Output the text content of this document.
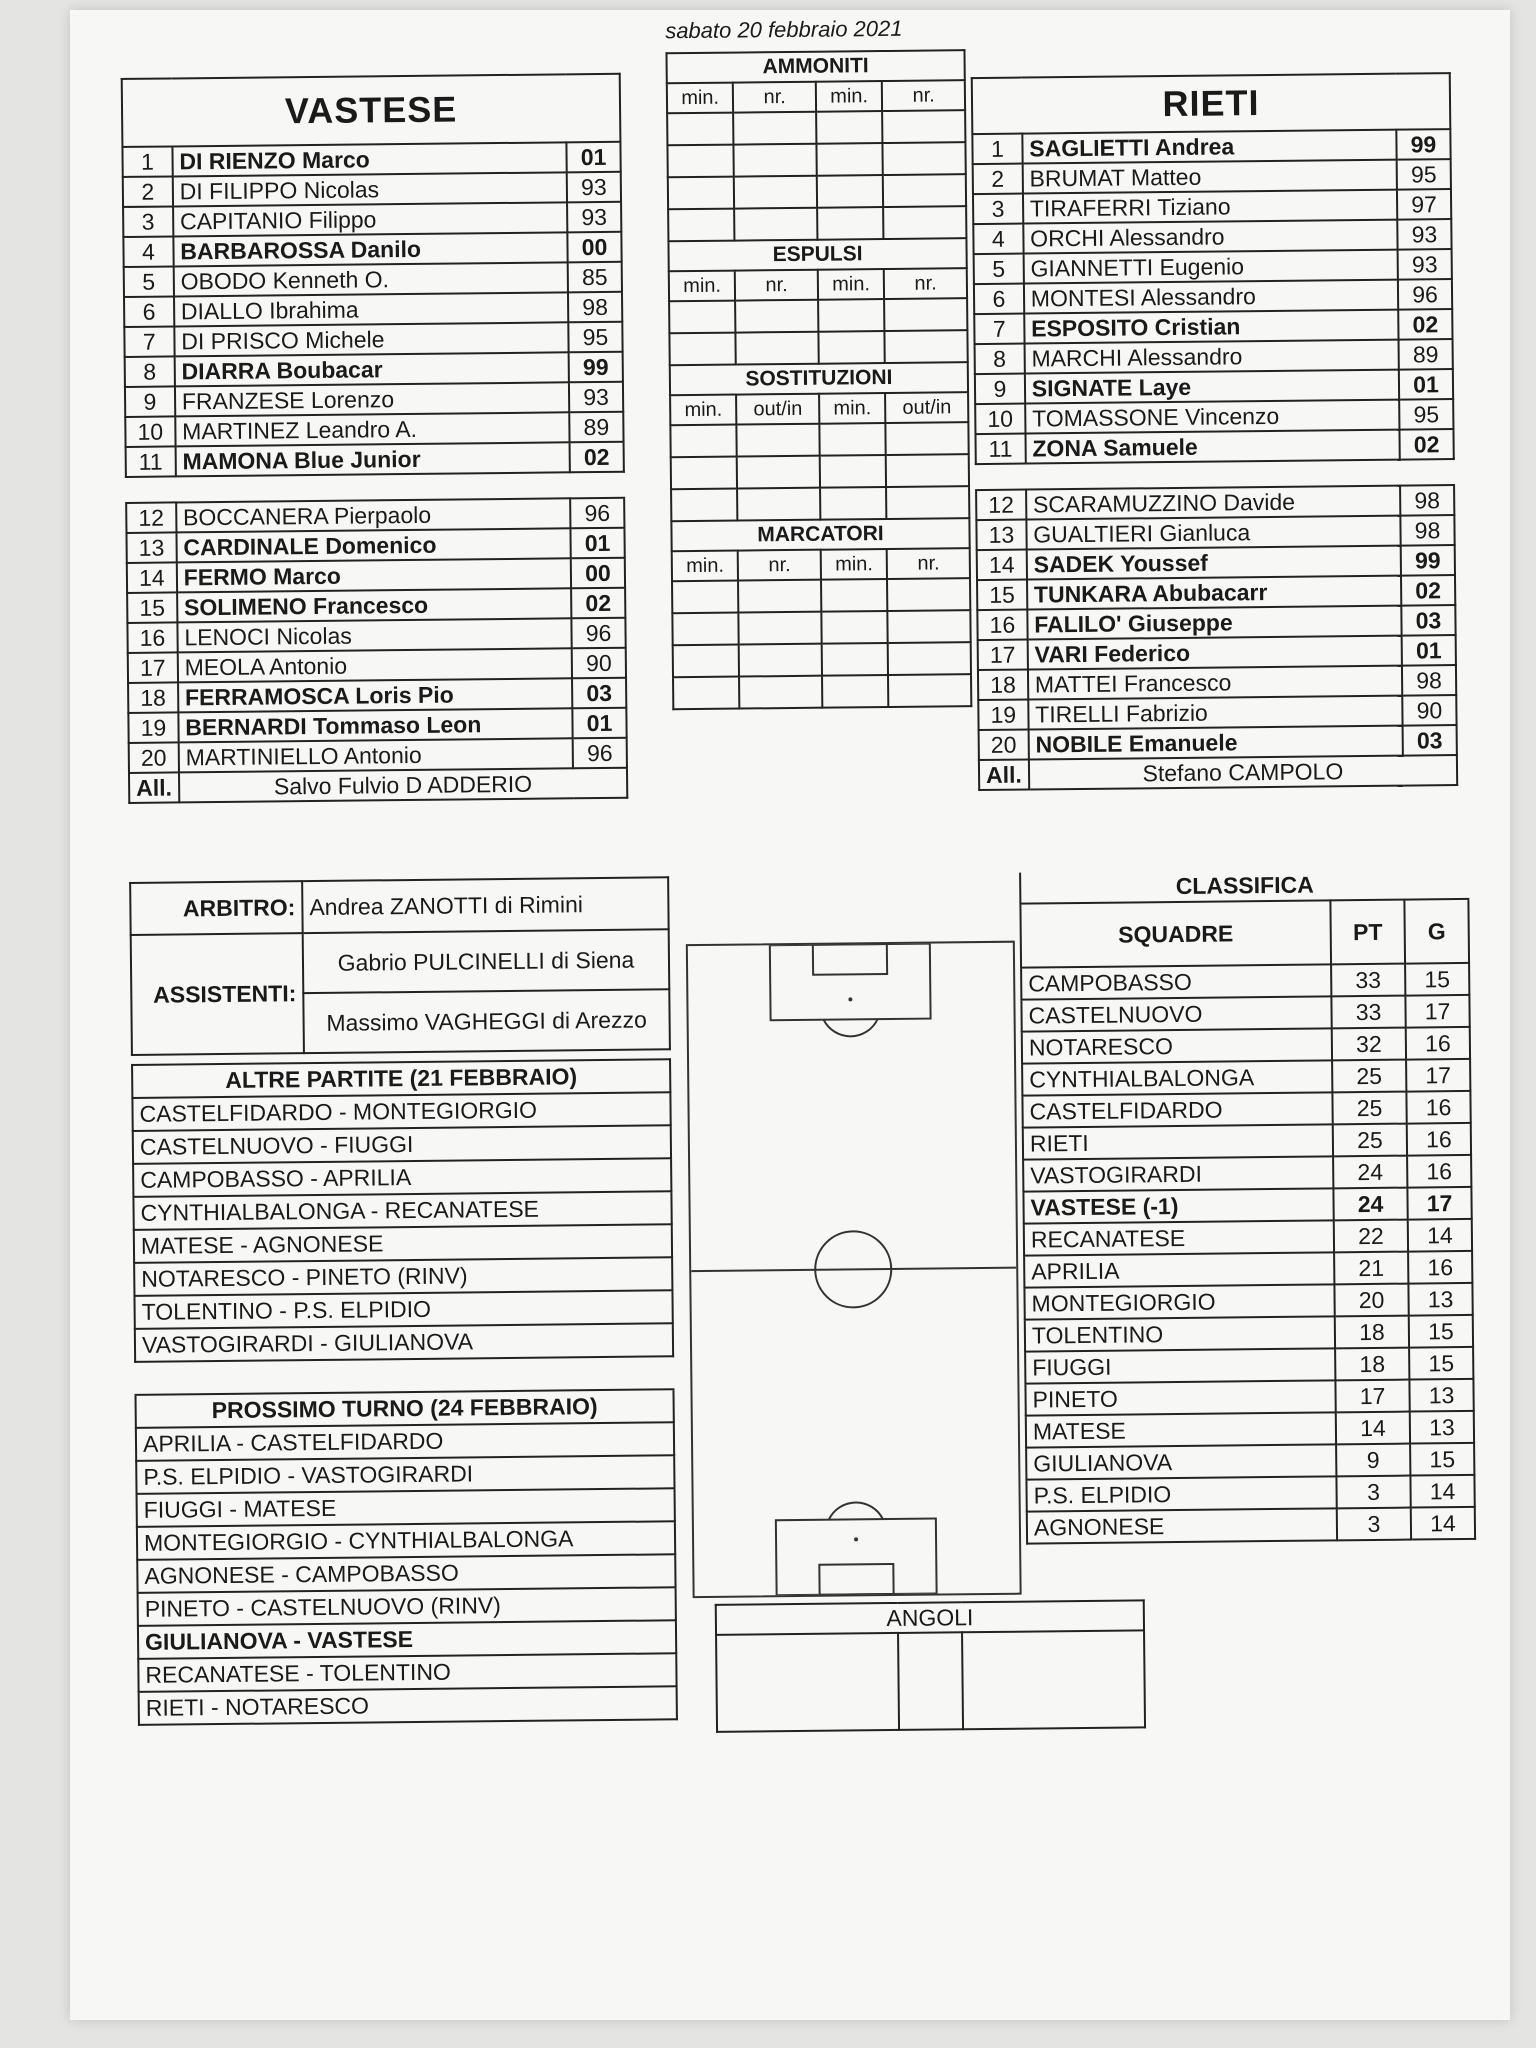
sabato 20 febbraio 2021
VASTESE		
1	DI RIENZO Marco	01
2	DI FILIPPO Nicolas	93
3	CAPITANIO Filippo	93
4	BARBAROSSA Danilo	00
5	OBODO Kenneth O.	85
6	DIALLO Ibrahima	98
7	DI PRISCO Michele	95
8	DIARRA Boubacar	99
9	FRANZESE Lorenzo	93
10	MARTINEZ Leandro A.	89
11	MAMONA Blue Junior	02

12	BOCCANERA Pierpaolo	96
13	CARDINALE Domenico	01
14	FERMO Marco	00
15	SOLIMENO Francesco	02
16	LENOCI Nicolas	96
17	MEOLA Antonio	90
18	FERRAMOSCA Loris Pio	03
19	BERNARDI Tommaso Leon	01
20	MARTINIELLO Antonio	96
All.	Salvo Fulvio D ADDERIO	
RIETI		
1	SAGLIETTI Andrea	99
2	BRUMAT Matteo	95
3	TIRAFERRI Tiziano	97
4	ORCHI Alessandro	93
5	GIANNETTI Eugenio	93
6	MONTESI Alessandro	96
7	ESPOSITO Cristian	02
8	MARCHI Alessandro	89
9	SIGNATE Laye	01
10	TOMASSONE Vincenzo	95
11	ZONA Samuele	02

12	SCARAMUZZINO Davide	98
13	GUALTIERI Gianluca	98
14	SADEK Youssef	99
15	TUNKARA Abubacarr	02
16	FALILO' Giuseppe	03
17	VARI Federico	01
18	MATTEI Francesco	98
19	TIRELLI Fabrizio	90
20	NOBILE Emanuele	03
All.	Stefano CAMPOLO	
AMMONITI			
min.	nr.	min.	nr.

ESPULSI			
min.	nr.	min.	nr.

SOSTITUZIONI			
min.	out/in	min.	out/in

MARCATORI			
min.	nr.	min.	nr.

ARBITRO:	Andrea ZANOTTI di Rimini
ASSISTENTI:	Gabrio PULCINELLI di Siena
	Massimo VAGHEGGI di Arezzo
ALTRE PARTITE (21 FEBBRAIO)
CASTELFIDARDO - MONTEGIORGIO
CASTELNUOVO - FIUGGI
CAMPOBASSO - APRILIA
CYNTHIALBALONGA - RECANATESE
MATESE - AGNONESE
NOTARESCO - PINETO (RINV)
TOLENTINO - P.S. ELPIDIO
VASTOGIRARDI - GIULIANOVA

PROSSIMO TURNO (24 FEBBRAIO)
APRILIA - CASTELFIDARDO
P.S. ELPIDIO - VASTOGIRARDI
FIUGGI - MATESE
MONTEGIORGIO - CYNTHIALBALONGA
AGNONESE - CAMPOBASSO
PINETO - CASTELNUOVO (RINV)
GIULIANOVA - VASTESE
RECANATESE - TOLENTINO
RIETI - NOTARESCO
ANGOLI

CLASSIFICA		
SQUADRE	PT	G
CAMPOBASSO	33	15
CASTELNUOVO	33	17
NOTARESCO	32	16
CYNTHIALBALONGA	25	17
CASTELFIDARDO	25	16
RIETI	25	16
VASTOGIRARDI	24	16
VASTESE (-1)	24	17
RECANATESE	22	14
APRILIA	21	16
MONTEGIORGIO	20	13
TOLENTINO	18	15
FIUGGI	18	15
PINETO	17	13
MATESE	14	13
GIULIANOVA	9	15
P.S. ELPIDIO	3	14
AGNONESE	3	14
